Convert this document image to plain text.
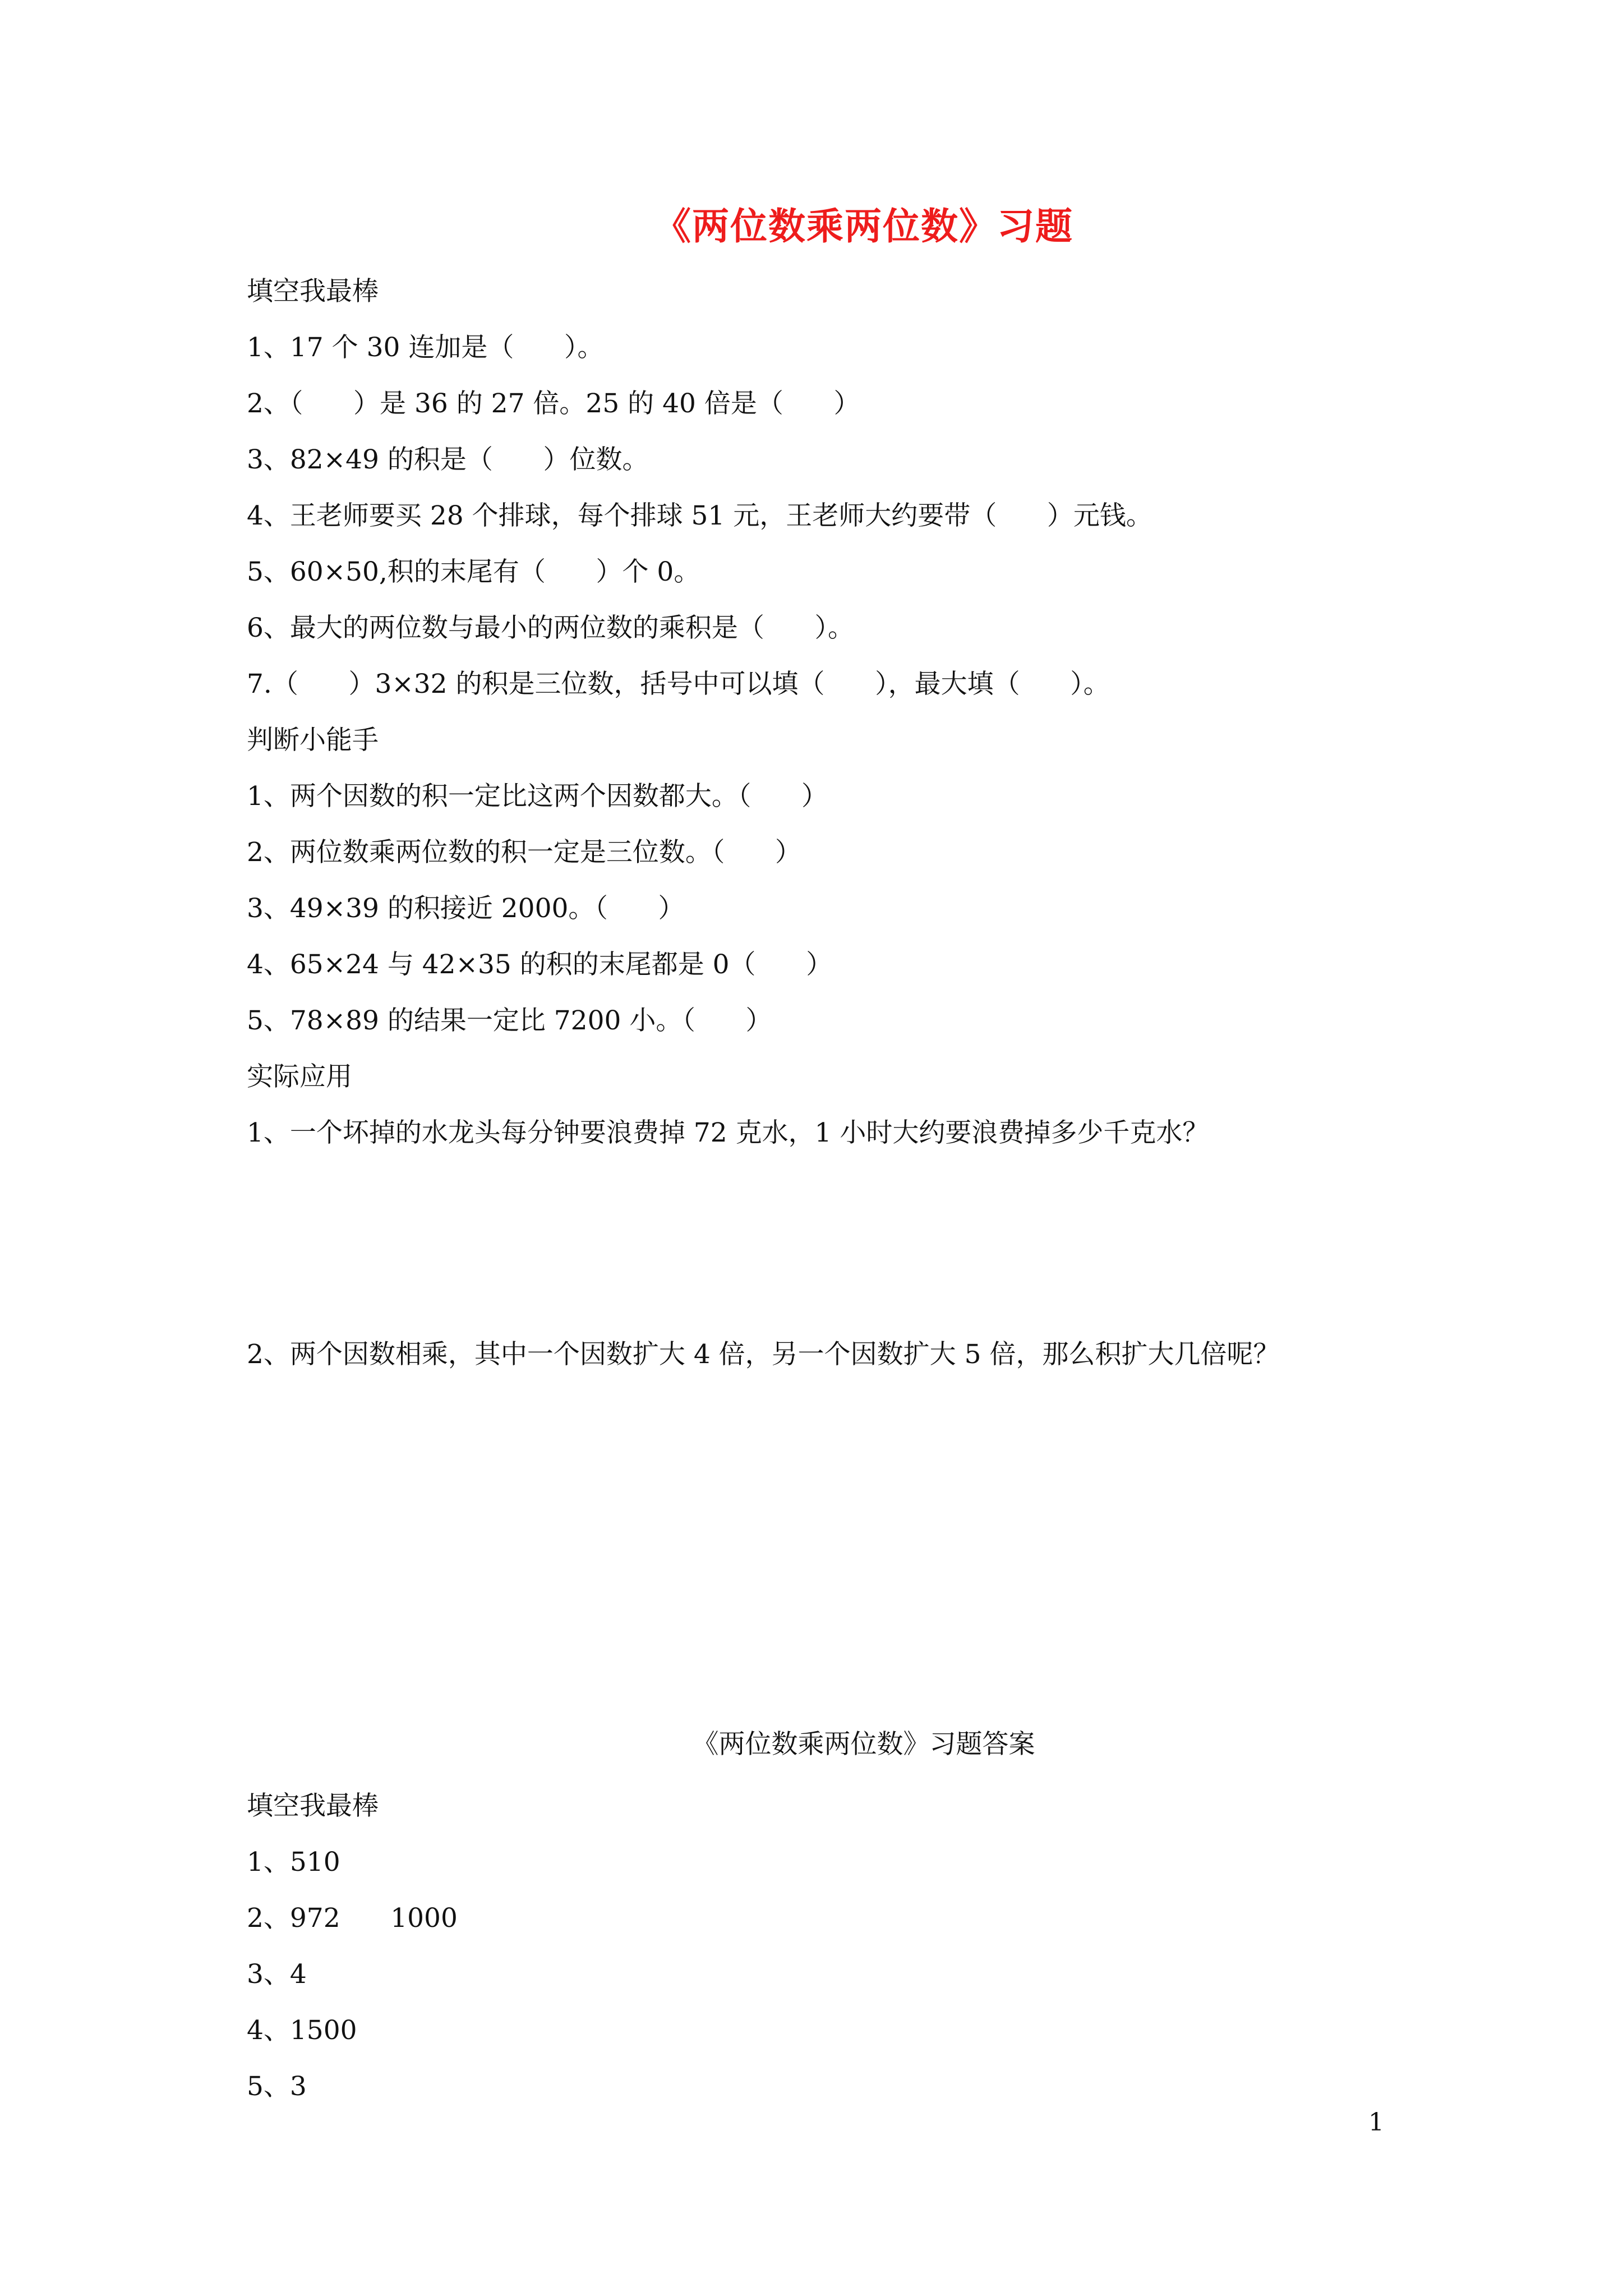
《两位数乘两位数》习题
填空我最棒
1、17 个 30 连加是（      ）。
2、（      ）是 36 的 27 倍。25 的 40 倍是（      ）
3、82×49 的积是（      ）位数。
4、王老师要买 28 个排球，每个排球 51 元，王老师大约要带（      ）元钱。
5、60×50,积的末尾有（      ）个 0。
6、最大的两位数与最小的两位数的乘积是（      ）。
7.（      ）3×32 的积是三位数，括号中可以填（      ），最大填（      ）。
判断小能手
1、两个因数的积一定比这两个因数都大。（      ）
2、两位数乘两位数的积一定是三位数。（      ）
3、49×39 的积接近 2000。（      ）
4、65×24 与 42×35 的积的末尾都是 0（      ）
5、78×89 的结果一定比 7200 小。（      ）
实际应用
1、一个坏掉的水龙头每分钟要浪费掉 72 克水，1 小时大约要浪费掉多少千克水？
2、两个因数相乘，其中一个因数扩大 4 倍，另一个因数扩大 5 倍，那么积扩大几倍呢？
《两位数乘两位数》习题答案
填空我最棒
1、510
2、972      1000
3、4
4、1500
5、3
1
